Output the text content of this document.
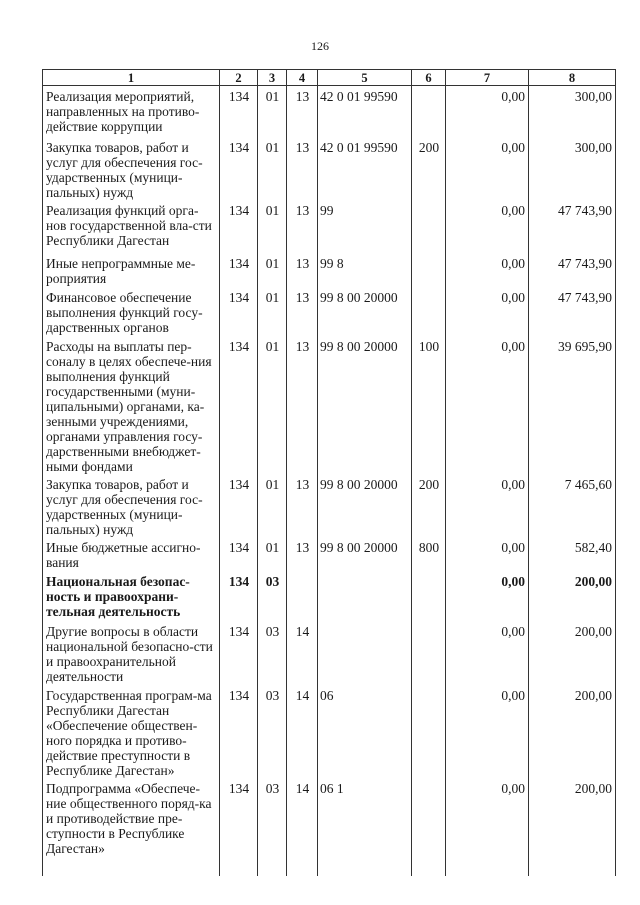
126
1	2	3	4	5	6	7	8
Реализация мероприятий, направленных на противо-действие коррупции	134	01	13	42 0 01 99590		0,00	300,00
Закупка товаров, работ и услуг для обеспечения гос-ударственных (муници-пальных) нужд	134	01	13	42 0 01 99590	200	0,00	300,00
Реализация функций орга-нов государственной вла-сти Республики Дагестан	134	01	13	99		0,00	47 743,90
Иные непрограммные ме-роприятия	134	01	13	99 8		0,00	47 743,90
Финансовое обеспечение выполнения функций госу-дарственных органов	134	01	13	99 8 00 20000		0,00	47 743,90
Расходы на выплаты пер-соналу в целях обеспече-ния выполнения функций государственными (муни-ципальными) органами, ка-зенными учреждениями, органами управления госу-дарственными внебюджет-ными фондами	134	01	13	99 8 00 20000	100	0,00	39 695,90
Закупка товаров, работ и услуг для обеспечения гос-ударственных (муници-пальных) нужд	134	01	13	99 8 00 20000	200	0,00	7 465,60
Иные бюджетные ассигно-вания	134	01	13	99 8 00 20000	800	0,00	582,40
Национальная безопас-ность и правоохрани-тельная деятельность	134	03				0,00	200,00
Другие вопросы в области национальной безопасно-сти и правоохранительной деятельности	134	03	14			0,00	200,00
Государственная програм-ма Республики Дагестан «Обеспечение обществен-ного порядка и противо-действие преступности в Республике Дагестан»	134	03	14	06		0,00	200,00
Подпрограмма «Обеспече-ние общественного поряд-ка и противодействие пре-ступности в Республике Дагестан»	134	03	14	06 1		0,00	200,00
